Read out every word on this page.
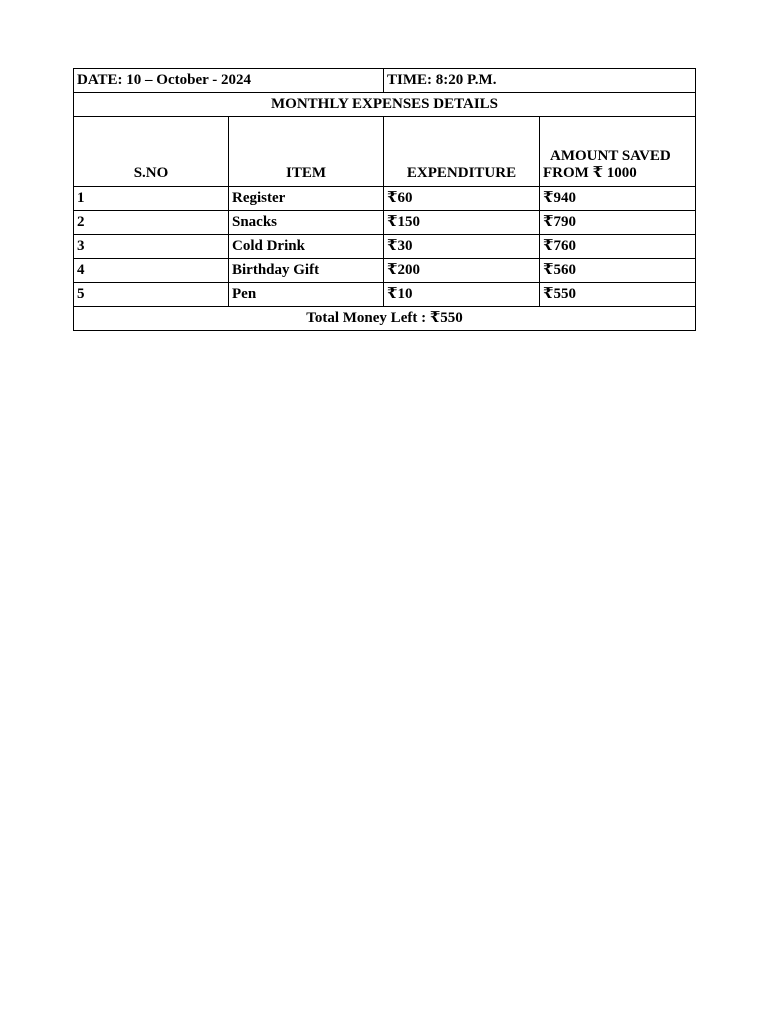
DATE: 10 – October - 2024		TIME: 8:20 P.M.	
MONTHLY EXPENSES DETAILS			
S.NO	ITEM	EXPENDITURE	AMOUNT SAVED
FROM ₹ 1000

1	Register	₹60	₹940
2	Snacks	₹150	₹790
3	Cold Drink	₹30	₹760
4	Birthday Gift	₹200	₹560
5	Pen	₹10	₹550
Total Money Left : ₹550			
